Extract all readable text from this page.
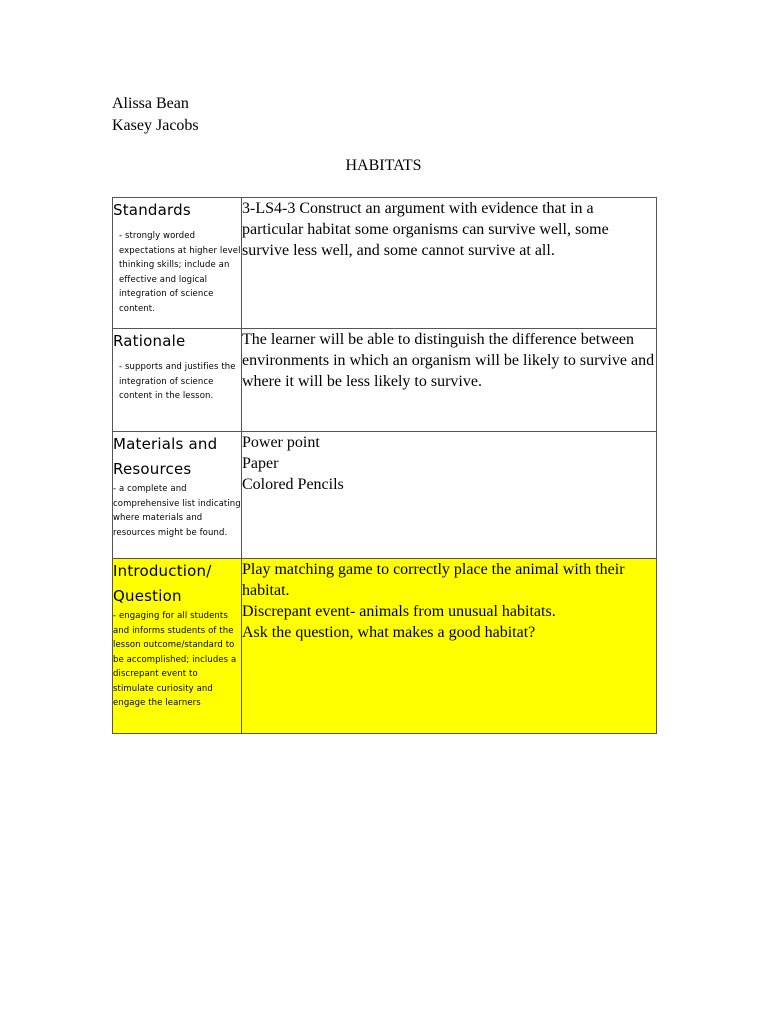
Alissa Bean
Kasey Jacobs
HABITATS
Standards
- strongly worded expectations at higher level thinking skills; include an effective and logical integration of science content.	3-LS4-3 Construct an argument with evidence that in a particular habitat some organisms can survive well, some survive less well, and some cannot survive at all.

Rationale
- supports and justifies the integration of science content in the lesson.	The learner will be able to distinguish the difference between environments in which an organism will be likely to survive and where it will be less likely to survive.

Materials and Resources
- a complete and comprehensive list indicating where materials and resources might be found.	Power point
Paper
Colored Pencils

Introduction/ Question
- engaging for all students and informs students of the lesson outcome/standard to be accomplished; includes a discrepant event to stimulate curiosity and engage the learners	Play matching game to correctly place the animal with their habitat.
Discrepant event- animals from unusual habitats.
Ask the question, what makes a good habitat?
